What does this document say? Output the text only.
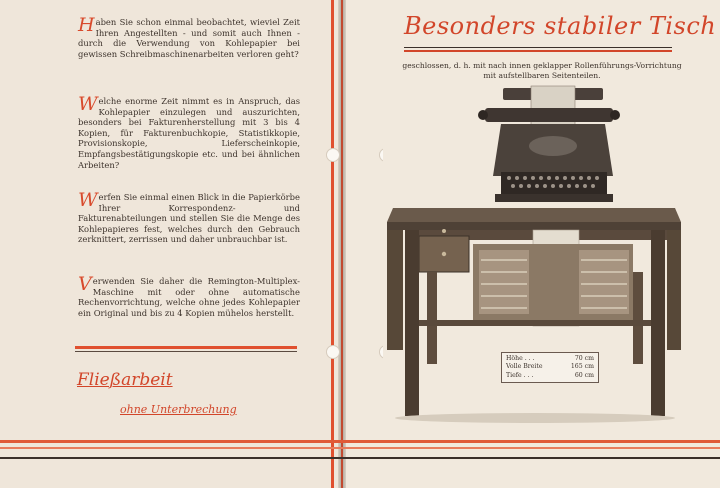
Haben Sie schon einmal beobachtet, wieviel Zeit Ihren Angestellten - und somit auch Ihnen - durch die Verwendung von Kohlepapier bei gewissen Schreibmaschinenarbeiten verloren geht?

Welche enorme Zeit nimmt es in Anspruch, das Kohlepapier einzulegen und auszurichten, besonders bei Fakturenherstellung mit 3 bis 4 Kopien, für Fakturenbuchkopie, Statistikkopie, Provisionskopie, Lieferscheinkopie, Empfangsbestätigungskopie etc. und bei ähnlichen Arbeiten?

Werfen Sie einmal einen Blick in die Papierkörbe Ihrer Korrespondenz- und Fakturenabteilungen und stellen Sie die Menge des Kohlepapieres fest, welches durch den Gebrauch zerknittert, zerrissen und daher unbrauchbar ist.

Verwenden Sie daher die Remington-Multiplex-Maschine mit oder ohne automatische Rechenvorrichtung, welche ohne jedes Kohlepapier ein Original und bis zu 4 Kopien mühelos herstellt.

Fließarbeit

ohne Unterbrechung

Besonders stabiler Tisch

geschlossen, d. h. mit nach innen geklapper Rollenführungs-Vorrichtung mit aufstellbaren Seitenteilen.

Höhe . . .	70 cm
Volle Breite	165 cm
Tiefe . . .	60 cm
